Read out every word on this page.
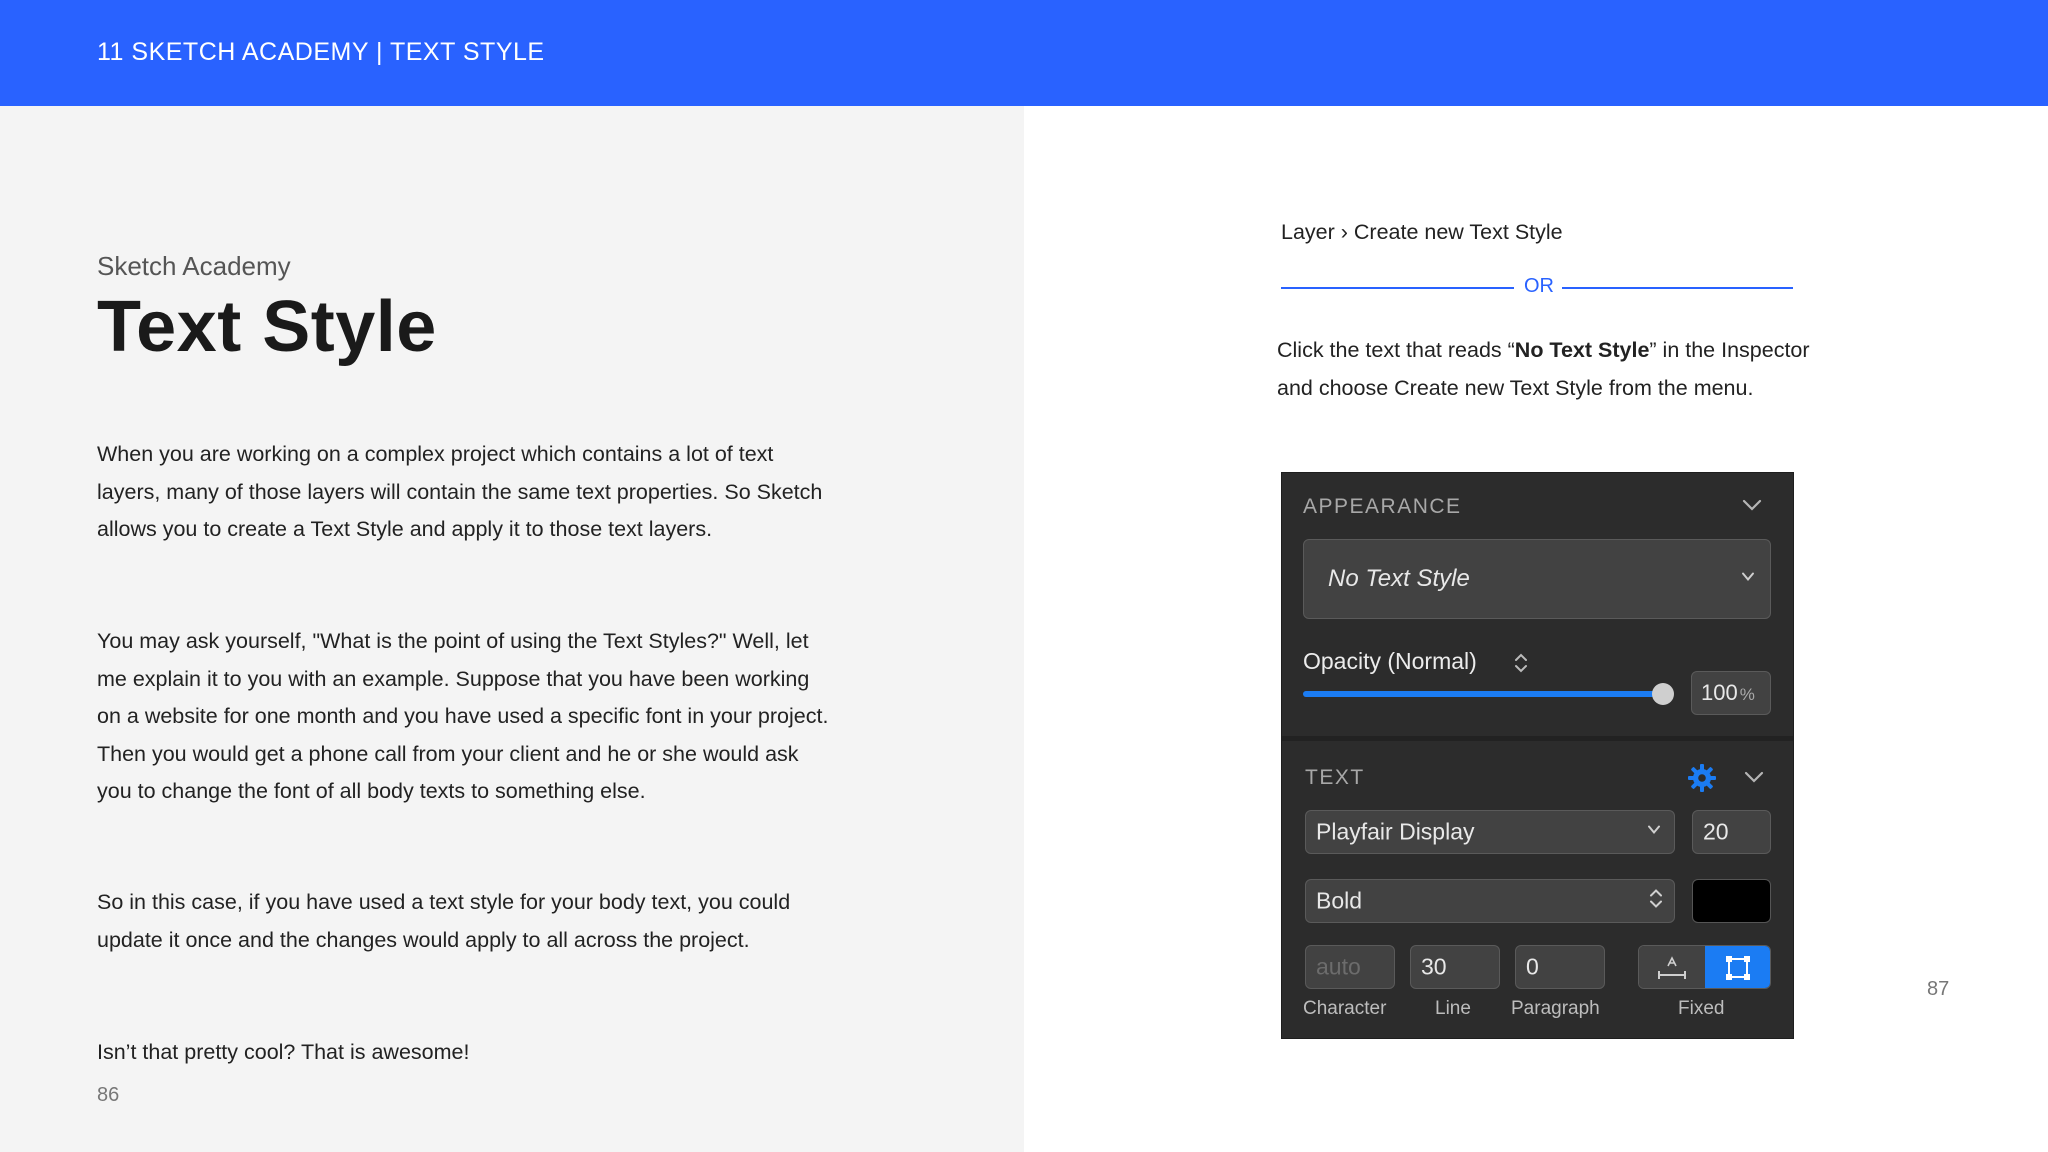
11 SKETCH ACADEMY | TEXT STYLE
Sketch Academy
Text Style

When you are working on a complex project which contains a lot of text layers, many of those layers will contain the same text properties. So Sketch allows you to create a Text Style and apply it to those text layers.

You may ask yourself, "What is the point of using the Text Styles?" Well, let me explain it to you with an example. Suppose that you have been working on a website for one month and you have used a specific font in your project. Then you would get a phone call from your client and he or she would ask you to change the font of all body texts to something else.

So in this case, if you have used a text style for your body text, you could update it once and the changes would apply to all across the project.

Isn’t that pretty cool? That is awesome!

86
Layer › Create new Text Style
OR

Click the text that reads “No Text Style” in the Inspector and choose Create new Text Style from the menu.

APPEARANCE
No Text Style
Opacity (Normal)
100 %
TEXT
Playfair Display	20
Bold
auto	30	0
Character	Line Paragraph	Fixed
87
